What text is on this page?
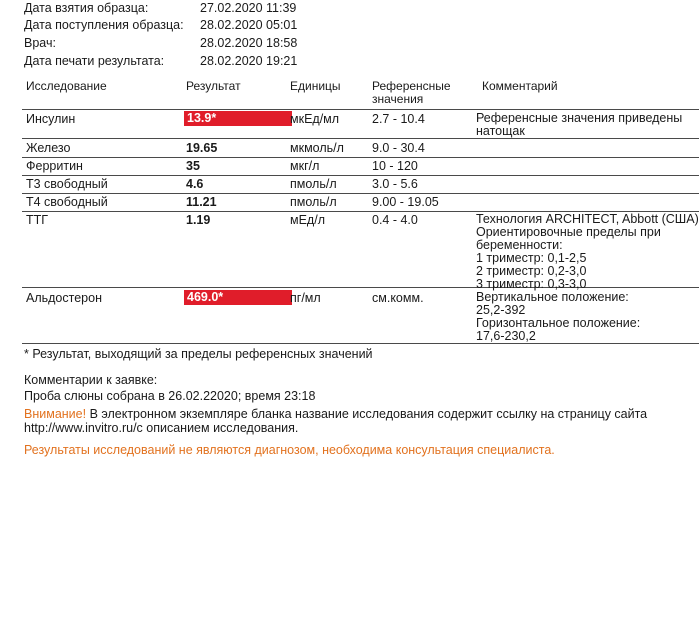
Дата взятия образца:	27.02.2020 11:39
Дата поступления образца: 28.02.2020 05:01
Врач:	28.02.2020 18:58
Дата печати результата:	28.02.2020 19:21
Исследование	Результат	Единицы	Референсные
значения
Комментарий
Инсулин	13.9*	мкЕд/мл	2.7 - 10.4	Референсные значения приведены
натощак
Железо	19.65	мкмоль/л 9.0 - 30.4
Ферритин	35	мкг/л	10 - 120
Т3 свободный	4.6	пмоль/л	3.0 - 5.6
Т4 свободный	11.21	пмоль/л	9.00 - 19.05
ТТГ	1.19	мЕд/л	0.4 - 4.0	Технология ARCHITECT, Abbott (США)
Ориентировочные пределы при
беременности:
1 триместр: 0,1-2,5
2 триместр: 0,2-3,0
3 триместр: 0,3-3,0
Альдостерон	469.0*	пг/мл	см.комм.	Вертикальное положение:
25,2-392
Горизонтальное положение:
17,6-230,2
* Результат, выходящий за пределы референсных значений
Комментарии к заявке:
Проба слюны собрана в 26.02.22020; время 23:18
Внимание! В электронном экземпляре бланка название исследования содержит ссылку на страницу сайта
http://www.invitro.ru/с описанием исследования.
Результаты исследований не являются диагнозом, необходима консультация специалиста.
